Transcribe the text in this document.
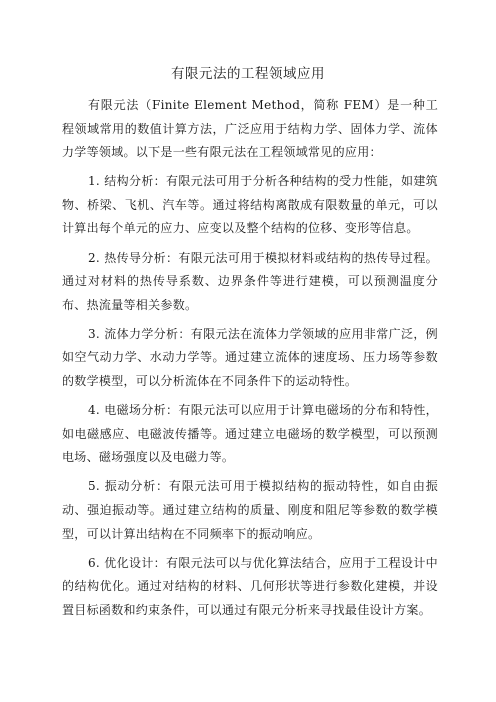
有限元法的工程领域应用

有限元法（Finite Element Method，简称 FEM）是一种工程领域常用的数值计算方法，广泛应用于结构力学、固体力学、流体力学等领域。以下是一些有限元法在工程领域常见的应用：

1. 结构分析：有限元法可用于分析各种结构的受力性能，如建筑物、桥梁、飞机、汽车等。通过将结构离散成有限数量的单元，可以计算出每个单元的应力、应变以及整个结构的位移、变形等信息。

2. 热传导分析：有限元法可用于模拟材料或结构的热传导过程。通过对材料的热传导系数、边界条件等进行建模，可以预测温度分布、热流量等相关参数。

3. 流体力学分析：有限元法在流体力学领域的应用非常广泛，例如空气动力学、水动力学等。通过建立流体的速度场、压力场等参数的数学模型，可以分析流体在不同条件下的运动特性。

4. 电磁场分析：有限元法可以应用于计算电磁场的分布和特性，如电磁感应、电磁波传播等。通过建立电磁场的数学模型，可以预测电场、磁场强度以及电磁力等。

5. 振动分析：有限元法可用于模拟结构的振动特性，如自由振动、强迫振动等。通过建立结构的质量、刚度和阻尼等参数的数学模型，可以计算出结构在不同频率下的振动响应。

6. 优化设计：有限元法可以与优化算法结合，应用于工程设计中的结构优化。通过对结构的材料、几何形状等进行参数化建模，并设置目标函数和约束条件，可以通过有限元分析来寻找最佳设计方案。
